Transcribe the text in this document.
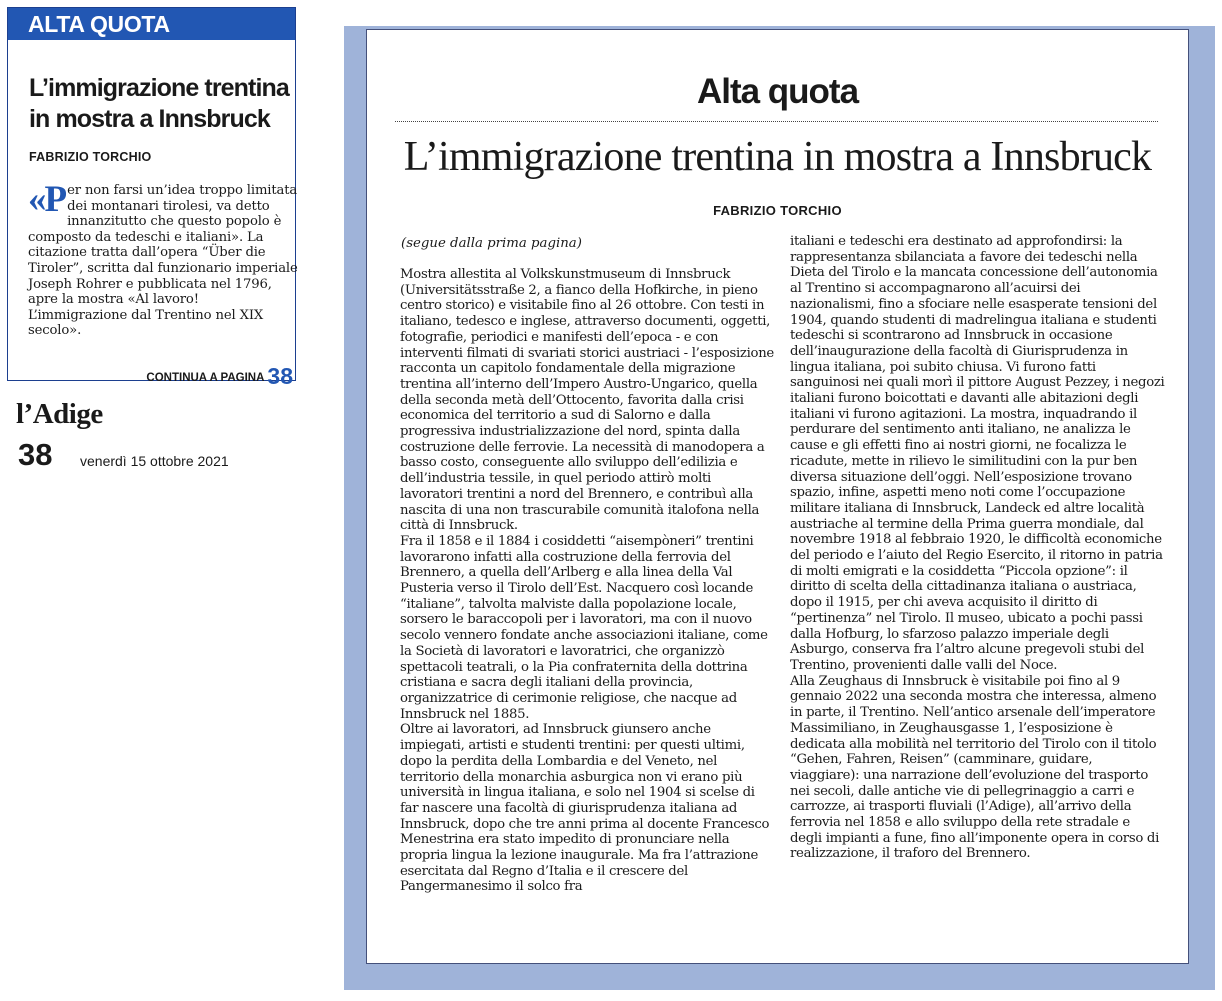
ALTA QUOTA
L’immigrazione trentina in mostra a Innsbruck
FABRIZIO TORCHIO
«Per non farsi un’idea troppo limitata dei montanari tirolesi, va detto innanzitutto che questo popolo è composto da tedeschi e italiani». La citazione tratta dall’opera “Über die Tiroler”, scritta dal funzionario imperiale Joseph Rohrer e pubblicata nel 1796, apre la mostra «Al lavoro! L’immigrazione dal Trentino nel XIX secolo».
CONTINUA A PAGINA 38
l’Adige
38 venerdì 15 ottobre 2021
Alta quota
L’immigrazione trentina in mostra a Innsbruck
FABRIZIO TORCHIO
(segue dalla prima pagina)

Mostra allestita al Volkskunstmuseum di Innsbruck (Universitätsstraße 2, a fianco della Hofkirche, in pieno centro storico) e visitabile fino al 26 ottobre. Con testi in italiano, tedesco e inglese, attraverso documenti, oggetti, fotografie, periodici e manifesti dell’epoca - e con interventi filmati di svariati storici austriaci - l’esposizione racconta un capitolo fondamentale della migrazione trentina all’interno dell’Impero Austro-Ungarico, quella della seconda metà dell’Ottocento, favorita dalla crisi economica del territorio a sud di Salorno e dalla progressiva industrializzazione del nord, spinta dalla costruzione delle ferrovie. La necessità di manodopera a basso costo, conseguente allo sviluppo dell’edilizia e dell’industria tessile, in quel periodo attirò molti lavoratori trentini a nord del Brennero, e contribuì alla nascita di una non trascurabile comunità italofona nella città di Innsbruck.

Fra il 1858 e il 1884 i cosiddetti “aisempòneri” trentini lavorarono infatti alla costruzione della ferrovia del Brennero, a quella dell’Arlberg e alla linea della Val Pusteria verso il Tirolo dell’Est. Nacquero così locande “italiane”, talvolta malviste dalla popolazione locale, sorsero le baraccopoli per i lavoratori, ma con il nuovo secolo vennero fondate anche associazioni italiane, come la Società di lavoratori e lavoratrici, che organizzò spettacoli teatrali, o la Pia confraternita della dottrina cristiana e sacra degli italiani della provincia, organizzatrice di cerimonie religiose, che nacque ad Innsbruck nel 1885.

Oltre ai lavoratori, ad Innsbruck giunsero anche impiegati, artisti e studenti trentini: per questi ultimi, dopo la perdita della Lombardia e del Veneto, nel territorio della monarchia asburgica non vi erano più università in lingua italiana, e solo nel 1904 si scelse di far nascere una facoltà di giurisprudenza italiana ad Innsbruck, dopo che tre anni prima al docente Francesco Menestrina era stato impedito di pronunciare nella propria lingua la lezione inaugurale. Ma fra l’attrazione esercitata dal Regno d’Italia e il crescere del Pangermanesimo il solco fra

italiani e tedeschi era destinato ad approfondirsi: la rappresentanza sbilanciata a favore dei tedeschi nella Dieta del Tirolo e la mancata concessione dell’autonomia al Trentino si accompagnarono all’acuirsi dei nazionalismi, fino a sfociare nelle esasperate tensioni del 1904, quando studenti di madrelingua italiana e studenti tedeschi si scontrarono ad Innsbruck in occasione dell’inaugurazione della facoltà di Giurisprudenza in lingua italiana, poi subito chiusa. Vi furono fatti sanguinosi nei quali morì il pittore August Pezzey, i negozi italiani furono boicottati e davanti alle abitazioni degli italiani vi furono agitazioni. La mostra, inquadrando il perdurare del sentimento anti italiano, ne analizza le cause e gli effetti fino ai nostri giorni, ne focalizza le ricadute, mette in rilievo le similitudini con la pur ben diversa situazione dell’oggi. Nell’esposizione trovano spazio, infine, aspetti meno noti come l’occupazione militare italiana di Innsbruck, Landeck ed altre località austriache al termine della Prima guerra mondiale, dal novembre 1918 al febbraio 1920, le difficoltà economiche del periodo e l’aiuto del Regio Esercito, il ritorno in patria di molti emigrati e la cosiddetta “Piccola opzione”: il diritto di scelta della cittadinanza italiana o austriaca, dopo il 1915, per chi aveva acquisito il diritto di “pertinenza” nel Tirolo. Il museo, ubicato a pochi passi dalla Hofburg, lo sfarzoso palazzo imperiale degli Asburgo, conserva fra l’altro alcune pregevoli stubi del Trentino, provenienti dalle valli del Noce.

Alla Zeughaus di Innsbruck è visitabile poi fino al 9 gennaio 2022 una seconda mostra che interessa, almeno in parte, il Trentino. Nell’antico arsenale dell’imperatore Massimiliano, in Zeughausgasse 1, l’esposizione è dedicata alla mobilità nel territorio del Tirolo con il titolo “Gehen, Fahren, Reisen” (camminare, guidare, viaggiare): una narrazione dell’evoluzione del trasporto nei secoli, dalle antiche vie di pellegrinaggio a carri e carrozze, ai trasporti fluviali (l’Adige), all’arrivo della ferrovia nel 1858 e allo sviluppo della rete stradale e degli impianti a fune, fino all’imponente opera in corso di realizzazione, il traforo del Brennero.
